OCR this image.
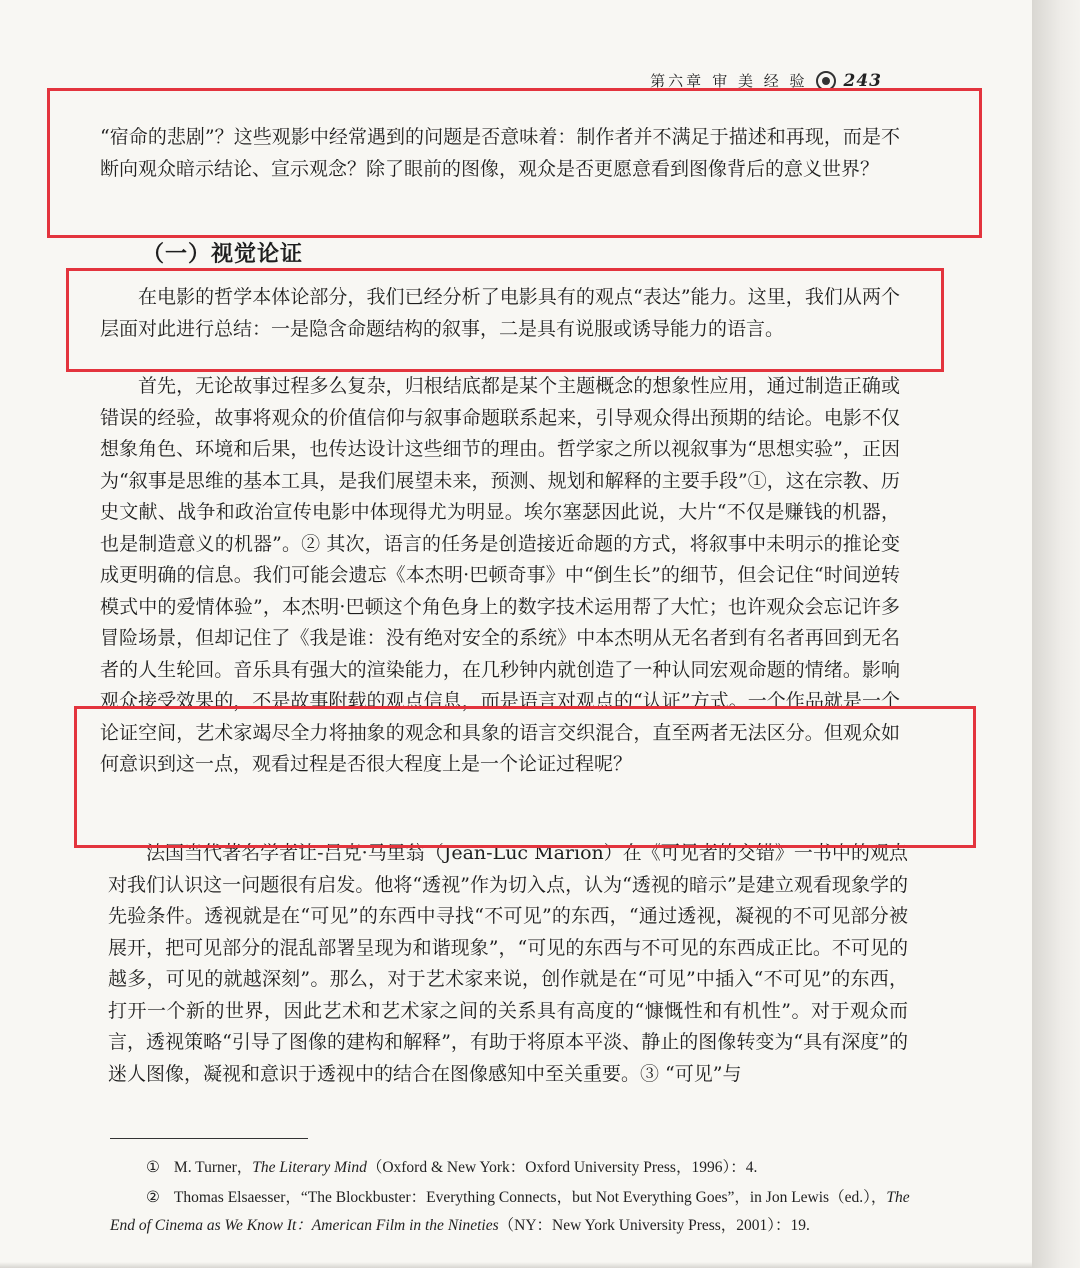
第六章 审 美 经 验 243
“宿命的悲剧”？这些观影中经常遇到的问题是否意味着：制作者并不满足于描述和再现，而是不断向观众暗示结论、宣示观念？除了眼前的图像，观众是否更愿意看到图像背后的意义世界？
（一）视觉论证
在电影的哲学本体论部分，我们已经分析了电影具有的观点“表达”能力。这里，我们从两个层面对此进行总结：一是隐含命题结构的叙事，二是具有说服或诱导能力的语言。
首先，无论故事过程多么复杂，归根结底都是某个主题概念的想象性应用，通过制造正确或错误的经验，故事将观众的价值信仰与叙事命题联系起来，引导观众得出预期的结论。电影不仅想象角色、环境和后果，也传达设计这些细节的理由。哲学家之所以视叙事为“思想实验”，正因为“叙事是思维的基本工具，是我们展望未来，预测、规划和解释的主要手段”①，这在宗教、历史文献、战争和政治宣传电影中体现得尤为明显。埃尔塞瑟因此说，大片“不仅是赚钱的机器，也是制造意义的机器”。② 其次，语言的任务是创造接近命题的方式，将叙事中未明示的推论变成更明确的信息。我们可能会遗忘《本杰明·巴顿奇事》中“倒生长”的细节，但会记住“时间逆转模式中的爱情体验”，本杰明·巴顿这个角色身上的数字技术运用帮了大忙；也许观众会忘记许多冒险场景，但却记住了《我是谁：没有绝对安全的系统》中本杰明从无名者到有名者再回到无名者的人生轮回。音乐具有强大的渲染能力，在几秒钟内就创造了一种认同宏观命题的情绪。影响观众接受效果的，不是故事附载的观点信息，而是语言对观点的“认证”方式。一个作品就是一个论证空间，艺术家竭尽全力将抽象的观念和具象的语言交织混合，直至两者无法区分。但观众如何意识到这一点，观看过程是否很大程度上是一个论证过程呢？
法国当代著名学者让-吕克·马里翁（Jean-Luc Marion）在《可见者的交错》一书中的观点对我们认识这一问题很有启发。他将“透视”作为切入点，认为“透视的暗示”是建立观看现象学的先验条件。透视就是在“可见”的东西中寻找“不可见”的东西，“通过透视，凝视的不可见部分被展开，把可见部分的混乱部署呈现为和谐现象”，“可见的东西与不可见的东西成正比。不可见的越多，可见的就越深刻”。那么，对于艺术家来说，创作就是在“可见”中插入“不可见”的东西，打开一个新的世界，因此艺术和艺术家之间的关系具有高度的“慷慨性和有机性”。对于观众而言，透视策略“引导了图像的建构和解释”，有助于将原本平淡、静止的图像转变为“具有深度”的迷人图像，凝视和意识于透视中的结合在图像感知中至关重要。③ “可见”与
① M. Turner，The Literary Mind（Oxford & New York：Oxford University Press，1996）：4.
② Thomas Elsaesser，“The Blockbuster：Everything Connects，but Not Everything Goes”，in Jon Lewis（ed.），The End of Cinema as We Know It：American Film in the Nineties（NY：New York University Press，2001）：19.
